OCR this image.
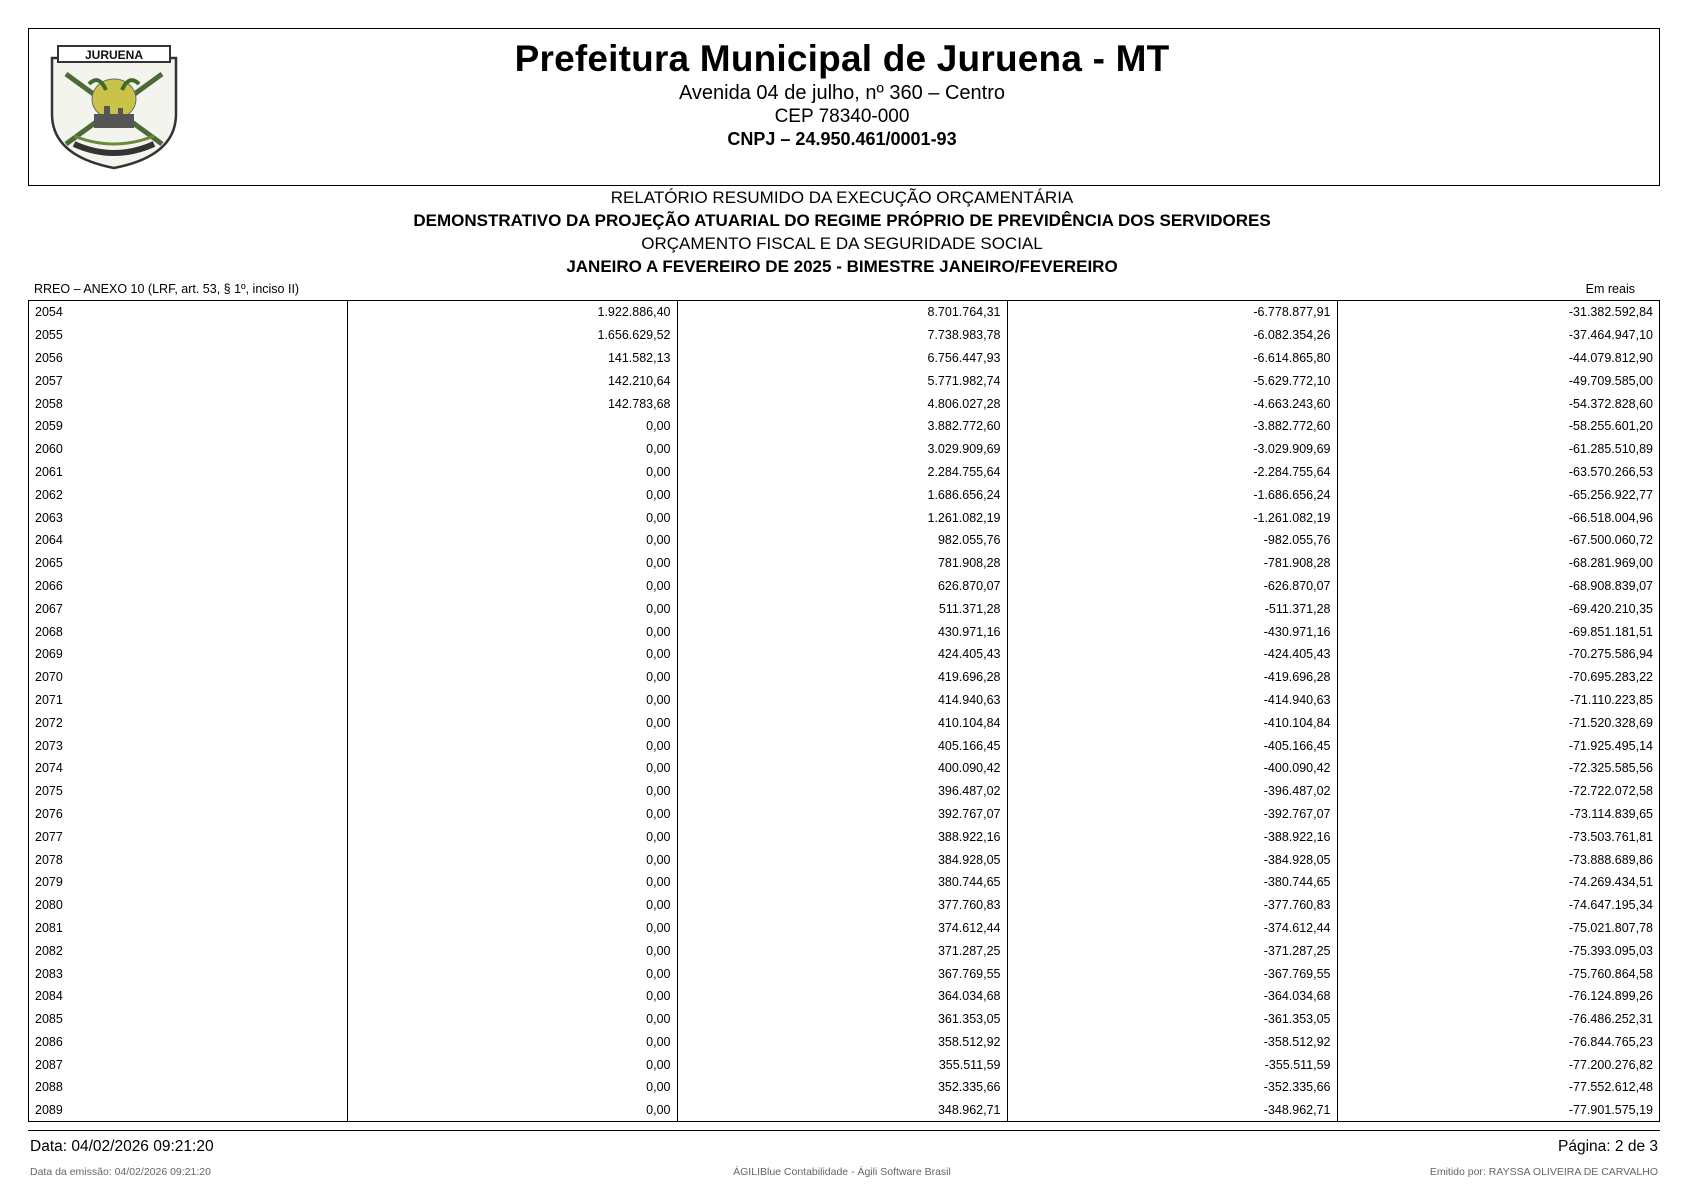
JURUENA	Prefeitura Municipal de Juruena - MT
Avenida 04 de julho, nº 360 – Centro
CEP 78340-000
CNPJ – 24.950.461/0001-93
RELATÓRIO RESUMIDO DA EXECUÇÃO ORÇAMENTÁRIA
DEMONSTRATIVO DA PROJEÇÃO ATUARIAL DO REGIME PRÓPRIO DE PREVIDÊNCIA DOS SERVIDORES
ORÇAMENTO FISCAL E DA SEGURIDADE SOCIAL
JANEIRO A FEVEREIRO DE 2025 - BIMESTRE JANEIRO/FEVEREIRO
RREO – ANEXO 10 (LRF, art. 53, § 1º, inciso II)	Em reais
2054	1.922.886,40	8.701.764,31	-6.778.877,91	-31.382.592,84
2055	1.656.629,52	7.738.983,78	-6.082.354,26	-37.464.947,10
2056	141.582,13	6.756.447,93	-6.614.865,80	-44.079.812,90
2057	142.210,64	5.771.982,74	-5.629.772,10	-49.709.585,00
2058	142.783,68	4.806.027,28	-4.663.243,60	-54.372.828,60
2059	0,00	3.882.772,60	-3.882.772,60	-58.255.601,20
2060	0,00	3.029.909,69	-3.029.909,69	-61.285.510,89
2061	0,00	2.284.755,64	-2.284.755,64	-63.570.266,53
2062	0,00	1.686.656,24	-1.686.656,24	-65.256.922,77
2063	0,00	1.261.082,19	-1.261.082,19	-66.518.004,96
2064	0,00	982.055,76	-982.055,76	-67.500.060,72
2065	0,00	781.908,28	-781.908,28	-68.281.969,00
2066	0,00	626.870,07	-626.870,07	-68.908.839,07
2067	0,00	511.371,28	-511.371,28	-69.420.210,35
2068	0,00	430.971,16	-430.971,16	-69.851.181,51
2069	0,00	424.405,43	-424.405,43	-70.275.586,94
2070	0,00	419.696,28	-419.696,28	-70.695.283,22
2071	0,00	414.940,63	-414.940,63	-71.110.223,85
2072	0,00	410.104,84	-410.104,84	-71.520.328,69
2073	0,00	405.166,45	-405.166,45	-71.925.495,14
2074	0,00	400.090,42	-400.090,42	-72.325.585,56
2075	0,00	396.487,02	-396.487,02	-72.722.072,58
2076	0,00	392.767,07	-392.767,07	-73.114.839,65
2077	0,00	388.922,16	-388.922,16	-73.503.761,81
2078	0,00	384.928,05	-384.928,05	-73.888.689,86
2079	0,00	380.744,65	-380.744,65	-74.269.434,51
2080	0,00	377.760,83	-377.760,83	-74.647.195,34
2081	0,00	374.612,44	-374.612,44	-75.021.807,78
2082	0,00	371.287,25	-371.287,25	-75.393.095,03
2083	0,00	367.769,55	-367.769,55	-75.760.864,58
2084	0,00	364.034,68	-364.034,68	-76.124.899,26
2085	0,00	361.353,05	-361.353,05	-76.486.252,31
2086	0,00	358.512,92	-358.512,92	-76.844.765,23
2087	0,00	355.511,59	-355.511,59	-77.200.276,82
2088	0,00	352.335,66	-352.335,66	-77.552.612,48
2089	0,00	348.962,71	-348.962,71	-77.901.575,19
Data: 04/02/2026 09:21:20	Página: 2 de 3
Data da emissão: 04/02/2026 09:21:20	ÁGILIBlue Contabilidade - Ágili Software Brasil	Emitido por: RAYSSA OLIVEIRA DE CARVALHO
